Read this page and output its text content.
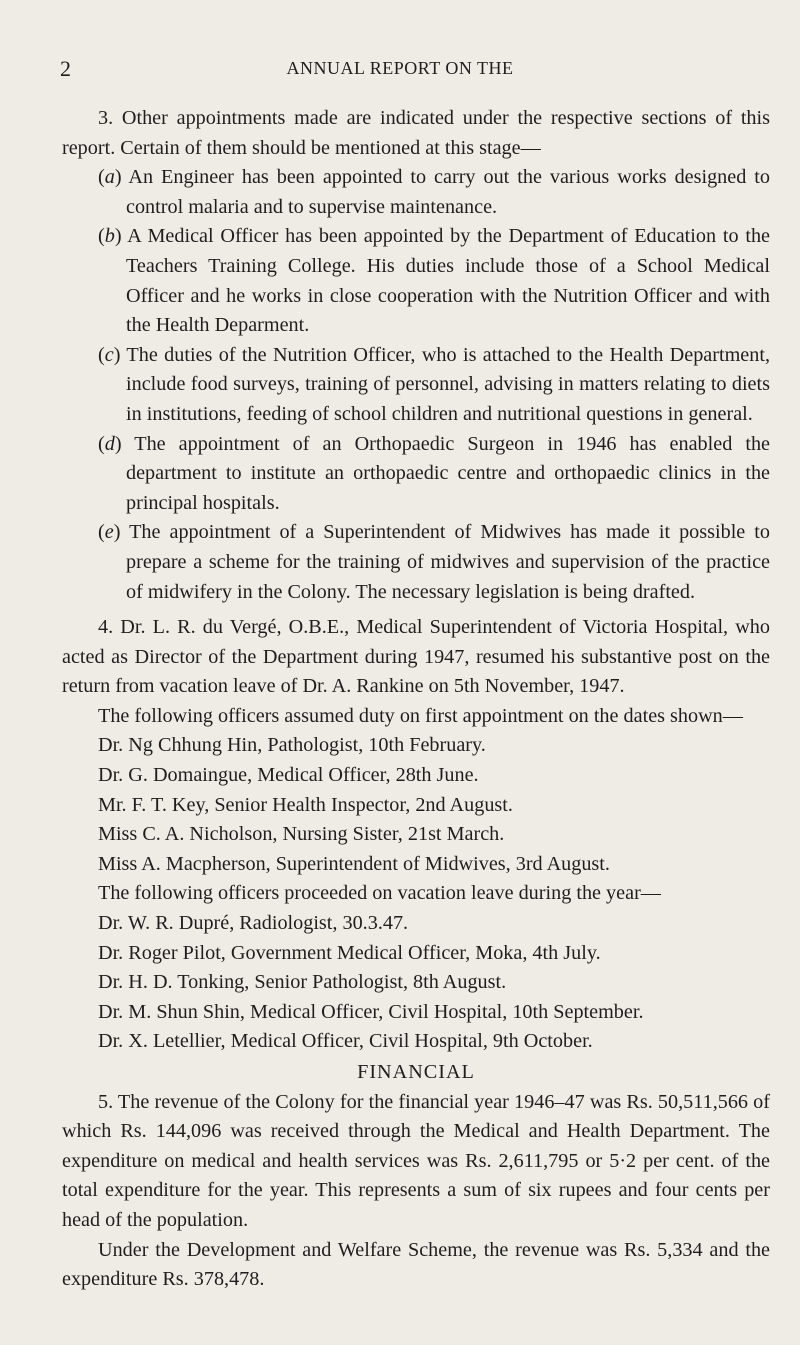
2	ANNUAL REPORT ON THE

3. Other appointments made are indicated under the respective sections of this report. Certain of them should be mentioned at this stage—

(a) An Engineer has been appointed to carry out the various works designed to control malaria and to supervise maintenance.

(b) A Medical Officer has been appointed by the Department of Education to the Teachers Training College. His duties include those of a School Medical Officer and he works in close cooperation with the Nutrition Officer and with the Health Deparment.

(c) The duties of the Nutrition Officer, who is attached to the Health Department, include food surveys, training of personnel, advising in matters relating to diets in institutions, feeding of school children and nutritional questions in general.

(d) The appointment of an Orthopaedic Surgeon in 1946 has enabled the department to institute an orthopaedic centre and orthopaedic clinics in the principal hospitals.

(e) The appointment of a Superintendent of Midwives has made it possible to prepare a scheme for the training of midwives and supervision of the practice of midwifery in the Colony. The necessary legislation is being drafted.

4. Dr. L. R. du Vergé, O.B.E., Medical Superintendent of Victoria Hospital, who acted as Director of the Department during 1947, resumed his substantive post on the return from vacation leave of Dr. A. Rankine on 5th November, 1947.

The following officers assumed duty on first appointment on the dates shown—

Dr. Ng Chhung Hin, Pathologist, 10th February.

Dr. G. Domaingue, Medical Officer, 28th June.

Mr. F. T. Key, Senior Health Inspector, 2nd August.

Miss C. A. Nicholson, Nursing Sister, 21st March.

Miss A. Macpherson, Superintendent of Midwives, 3rd August.

The following officers proceeded on vacation leave during the year—

Dr. W. R. Dupré, Radiologist, 30.3.47.

Dr. Roger Pilot, Government Medical Officer, Moka, 4th July.

Dr. H. D. Tonking, Senior Pathologist, 8th August.

Dr. M. Shun Shin, Medical Officer, Civil Hospital, 10th September.

Dr. X. Letellier, Medical Officer, Civil Hospital, 9th October.

FINANCIAL

5. The revenue of the Colony for the financial year 1946–47 was Rs. 50,511,566 of which Rs. 144,096 was received through the Medical and Health Department. The expenditure on medical and health services was Rs. 2,611,795 or 5·2 per cent. of the total expenditure for the year. This represents a sum of six rupees and four cents per head of the population.

Under the Development and Welfare Scheme, the revenue was Rs. 5,334 and the expenditure Rs. 378,478.
